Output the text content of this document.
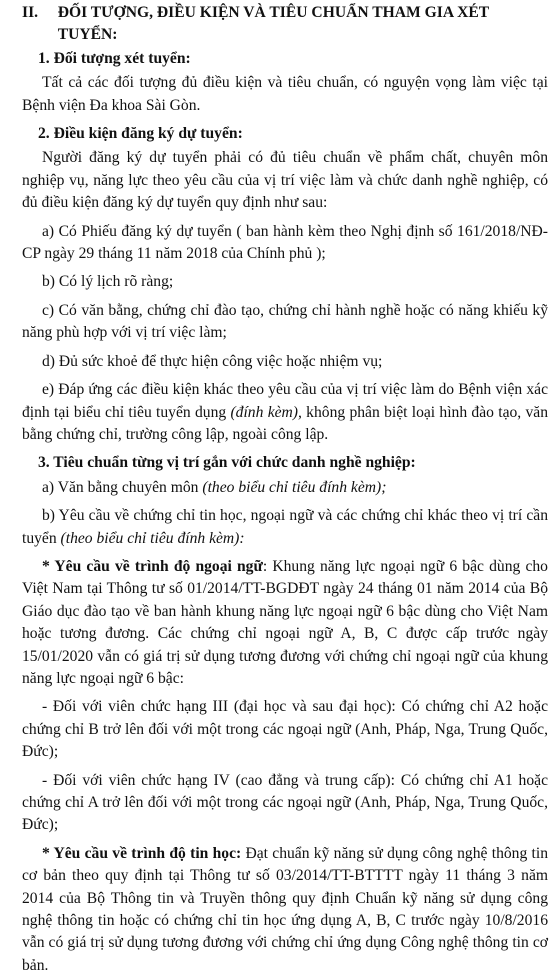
II.	ĐỐI TƯỢNG, ĐIỀU KIỆN VÀ TIÊU CHUẨN THAM GIA XÉT TUYỂN:
1. Đối tượng xét tuyển:

Tất cả các đối tượng đủ điều kiện và tiêu chuẩn, có nguyện vọng làm việc tại Bệnh viện Đa khoa Sài Gòn.

2. Điều kiện đăng ký dự tuyển:

Người đăng ký dự tuyển phải có đủ tiêu chuẩn về phẩm chất, chuyên môn nghiệp vụ, năng lực theo yêu cầu của vị trí việc làm và chức danh nghề nghiệp, có đủ điều kiện đăng ký dự tuyển quy định như sau:

a) Có Phiếu đăng ký dự tuyển ( ban hành kèm theo Nghị định số 161/2018/NĐ-CP ngày 29 tháng 11 năm 2018 của Chính phủ );

b) Có lý lịch rõ ràng;

c) Có văn bằng, chứng chỉ đào tạo, chứng chỉ hành nghề hoặc có năng khiếu kỹ năng phù hợp với vị trí việc làm;

d) Đủ sức khoẻ để thực hiện công việc hoặc nhiệm vụ;

e) Đáp ứng các điều kiện khác theo yêu cầu của vị trí việc làm do Bệnh viện xác định tại biểu chỉ tiêu tuyển dụng (đính kèm), không phân biệt loại hình đào tạo, văn bằng chứng chỉ, trường công lập, ngoài công lập.

3. Tiêu chuẩn từng vị trí gắn với chức danh nghề nghiệp:

a) Văn bằng chuyên môn (theo biểu chỉ tiêu đính kèm);

b) Yêu cầu về chứng chỉ tin học, ngoại ngữ và các chứng chỉ khác theo vị trí cần tuyển (theo biểu chỉ tiêu đính kèm):

* Yêu cầu về trình độ ngoại ngữ: Khung năng lực ngoại ngữ 6 bậc dùng cho Việt Nam tại Thông tư số 01/2014/TT-BGDĐT ngày 24 tháng 01 năm 2014 của Bộ Giáo dục đào tạo về ban hành khung năng lực ngoại ngữ 6 bậc dùng cho Việt Nam hoặc tương đương. Các chứng chỉ ngoại ngữ A, B, C được cấp trước ngày 15/01/2020 vẫn có giá trị sử dụng tương đương với chứng chỉ ngoại ngữ của khung năng lực ngoại ngữ 6 bậc:

- Đối với viên chức hạng III (đại học và sau đại học): Có chứng chỉ A2 hoặc chứng chỉ B trở lên đối với một trong các ngoại ngữ (Anh, Pháp, Nga, Trung Quốc, Đức);

- Đối với viên chức hạng IV (cao đẳng và trung cấp): Có chứng chỉ A1 hoặc chứng chỉ A trở lên đối với một trong các ngoại ngữ (Anh, Pháp, Nga, Trung Quốc, Đức);

* Yêu cầu về trình độ tin học: Đạt chuẩn kỹ năng sử dụng công nghệ thông tin cơ bản theo quy định tại Thông tư số 03/2014/TT-BTTTT ngày 11 tháng 3 năm 2014 của Bộ Thông tin và Truyền thông quy định Chuẩn kỹ năng sử dụng công nghệ thông tin hoặc có chứng chỉ tin học ứng dụng A, B, C trước ngày 10/8/2016 vẫn có giá trị sử dụng tương đương với chứng chỉ ứng dụng Công nghệ thông tin cơ bản.
